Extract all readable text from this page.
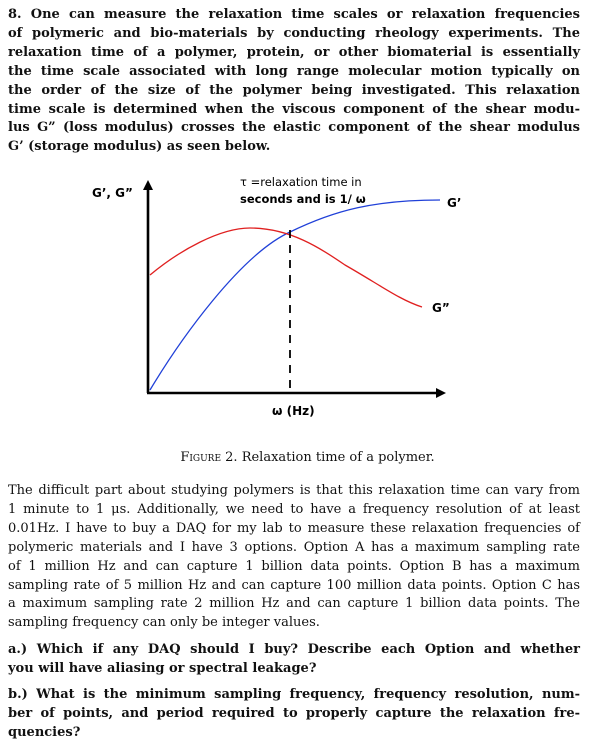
8. One can measure the relaxation time scales or relaxation frequencies
of polymeric and bio-materials by conducting rheology experiments. The
relaxation time of a polymer, protein, or other biomaterial is essentially
the time scale associated with long range molecular motion typically on
the order of the size of the polymer being investigated. This relaxation
time scale is determined when the viscous component of the shear modu-
lus G” (loss modulus) crosses the elastic component of the shear modulus
G’ (storage modulus) as seen below.
G’, G”
τ =relaxation time in
seconds and is 1/ ω	G’
G”
ω (Hz)
Figure 2. Relaxation time of a polymer.
The difficult part about studying polymers is that this relaxation time can vary from
1 minute to 1 μs. Additionally, we need to have a frequency resolution of at least
0.01Hz. I have to buy a DAQ for my lab to measure these relaxation frequencies of
polymeric materials and I have 3 options. Option A has a maximum sampling rate
of 1 million Hz and can capture 1 billion data points. Option B has a maximum
sampling rate of 5 million Hz and can capture 100 million data points. Option C has
a maximum sampling rate 2 million Hz and can capture 1 billion data points. The
sampling frequency can only be integer values.
a.) Which if any DAQ should I buy? Describe each Option and whether
you will have aliasing or spectral leakage?
b.) What is the minimum sampling frequency, frequency resolution, num-
ber of points, and period required to properly capture the relaxation fre-
quencies?
